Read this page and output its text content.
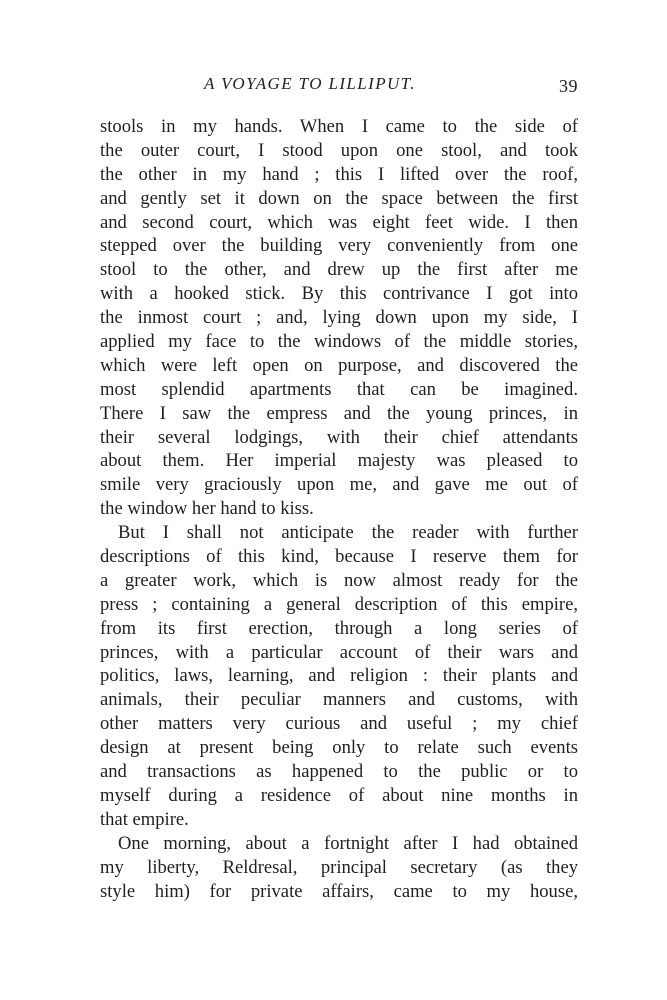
A VOYAGE TO LILLIPUT.	39
stools in my hands. When I came to the side of
the outer court, I stood upon one stool, and took
the other in my hand ; this I lifted over the roof,
and gently set it down on the space between the first
and second court, which was eight feet wide. I then
stepped over the building very conveniently from one
stool to the other, and drew up the first after me
with a hooked stick. By this contrivance I got into
the inmost court ; and, lying down upon my side, I
applied my face to the windows of the middle stories,
which were left open on purpose, and discovered the
most splendid apartments that can be imagined.
There I saw the empress and the young princes, in
their several lodgings, with their chief attendants
about them. Her imperial majesty was pleased to
smile very graciously upon me, and gave me out of
the window her hand to kiss.
But I shall not anticipate the reader with further
descriptions of this kind, because I reserve them for
a greater work, which is now almost ready for the
press ; containing a general description of this empire,
from its first erection, through a long series of
princes, with a particular account of their wars and
politics, laws, learning, and religion : their plants and
animals, their peculiar manners and customs, with
other matters very curious and useful ; my chief
design at present being only to relate such events
and transactions as happened to the public or to
myself during a residence of about nine months in
that empire.
One morning, about a fortnight after I had obtained
my liberty, Reldresal, principal secretary (as they
style him) for private affairs, came to my house,
